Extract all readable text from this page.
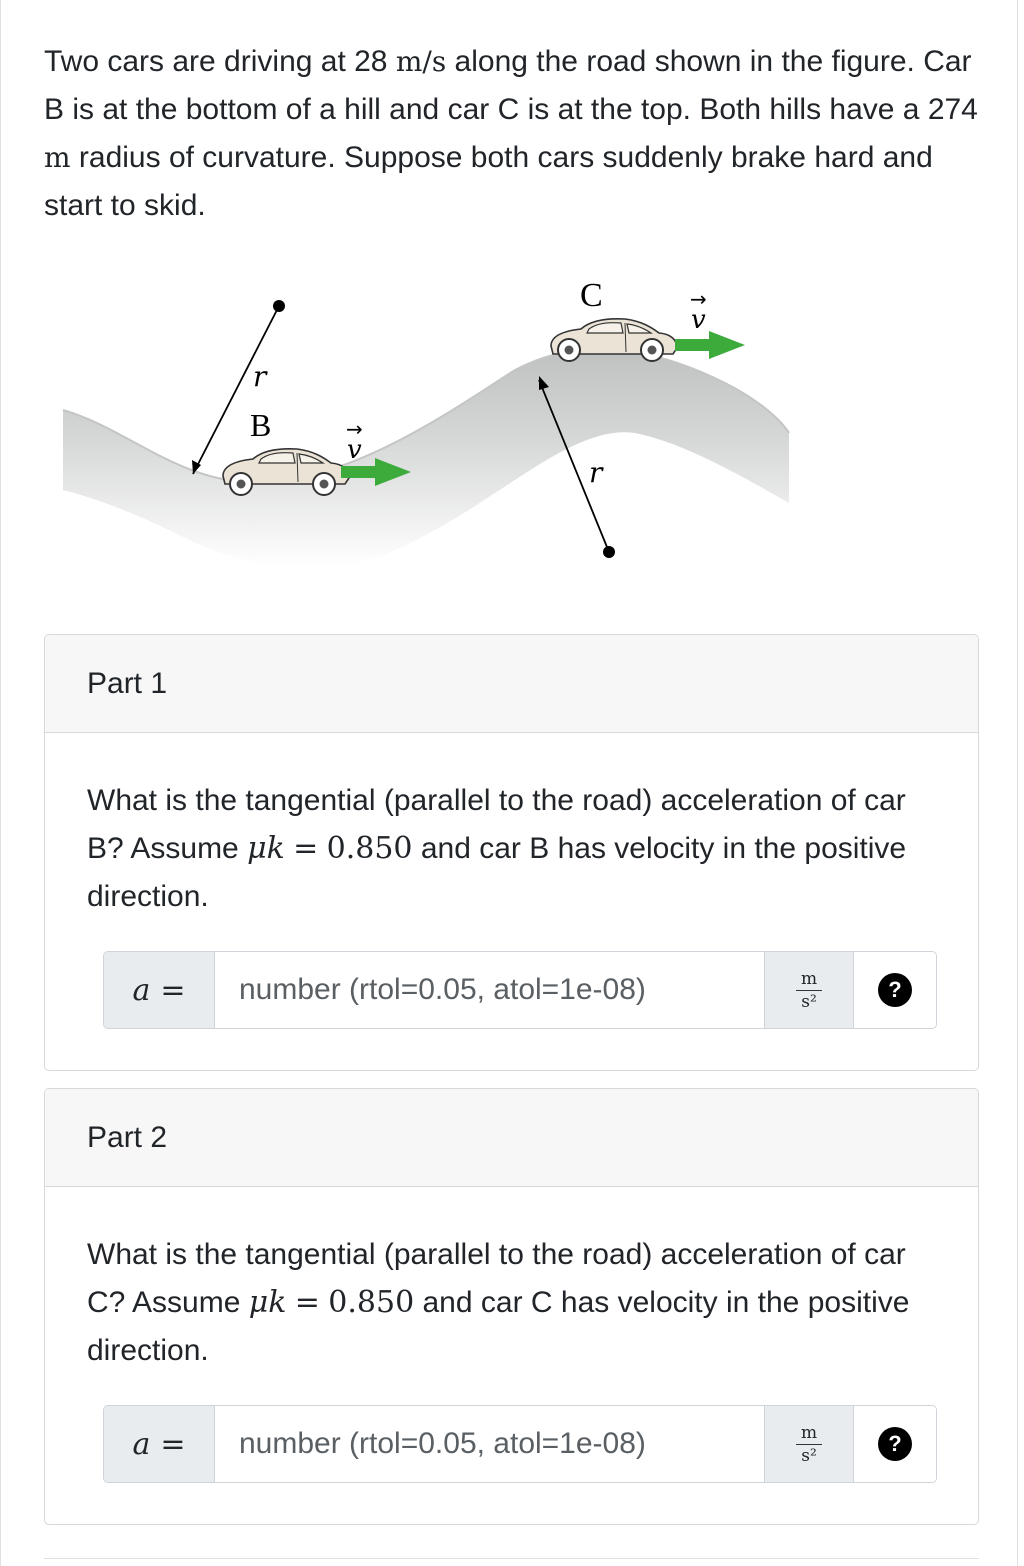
Two cars are driving at 28 m/s along the road shown in the figure. Car B is at the bottom of a hill and car C is at the top. Both hills have a 274 m radius of curvature. Suppose both cars suddenly brake hard and start to skid.
r
B
v
→
C
v
→
r
Part 1
What is the tangential (parallel to the road) acceleration of car B? Assume μk = 0.850 and car B has velocity in the positive direction.
a =
number (rtol=0.05, atol=1e-08)	m
s²	?
Part 2
What is the tangential (parallel to the road) acceleration of car C? Assume μk = 0.850 and car C has velocity in the positive direction.
a =
number (rtol=0.05, atol=1e-08)	m
s²	?
